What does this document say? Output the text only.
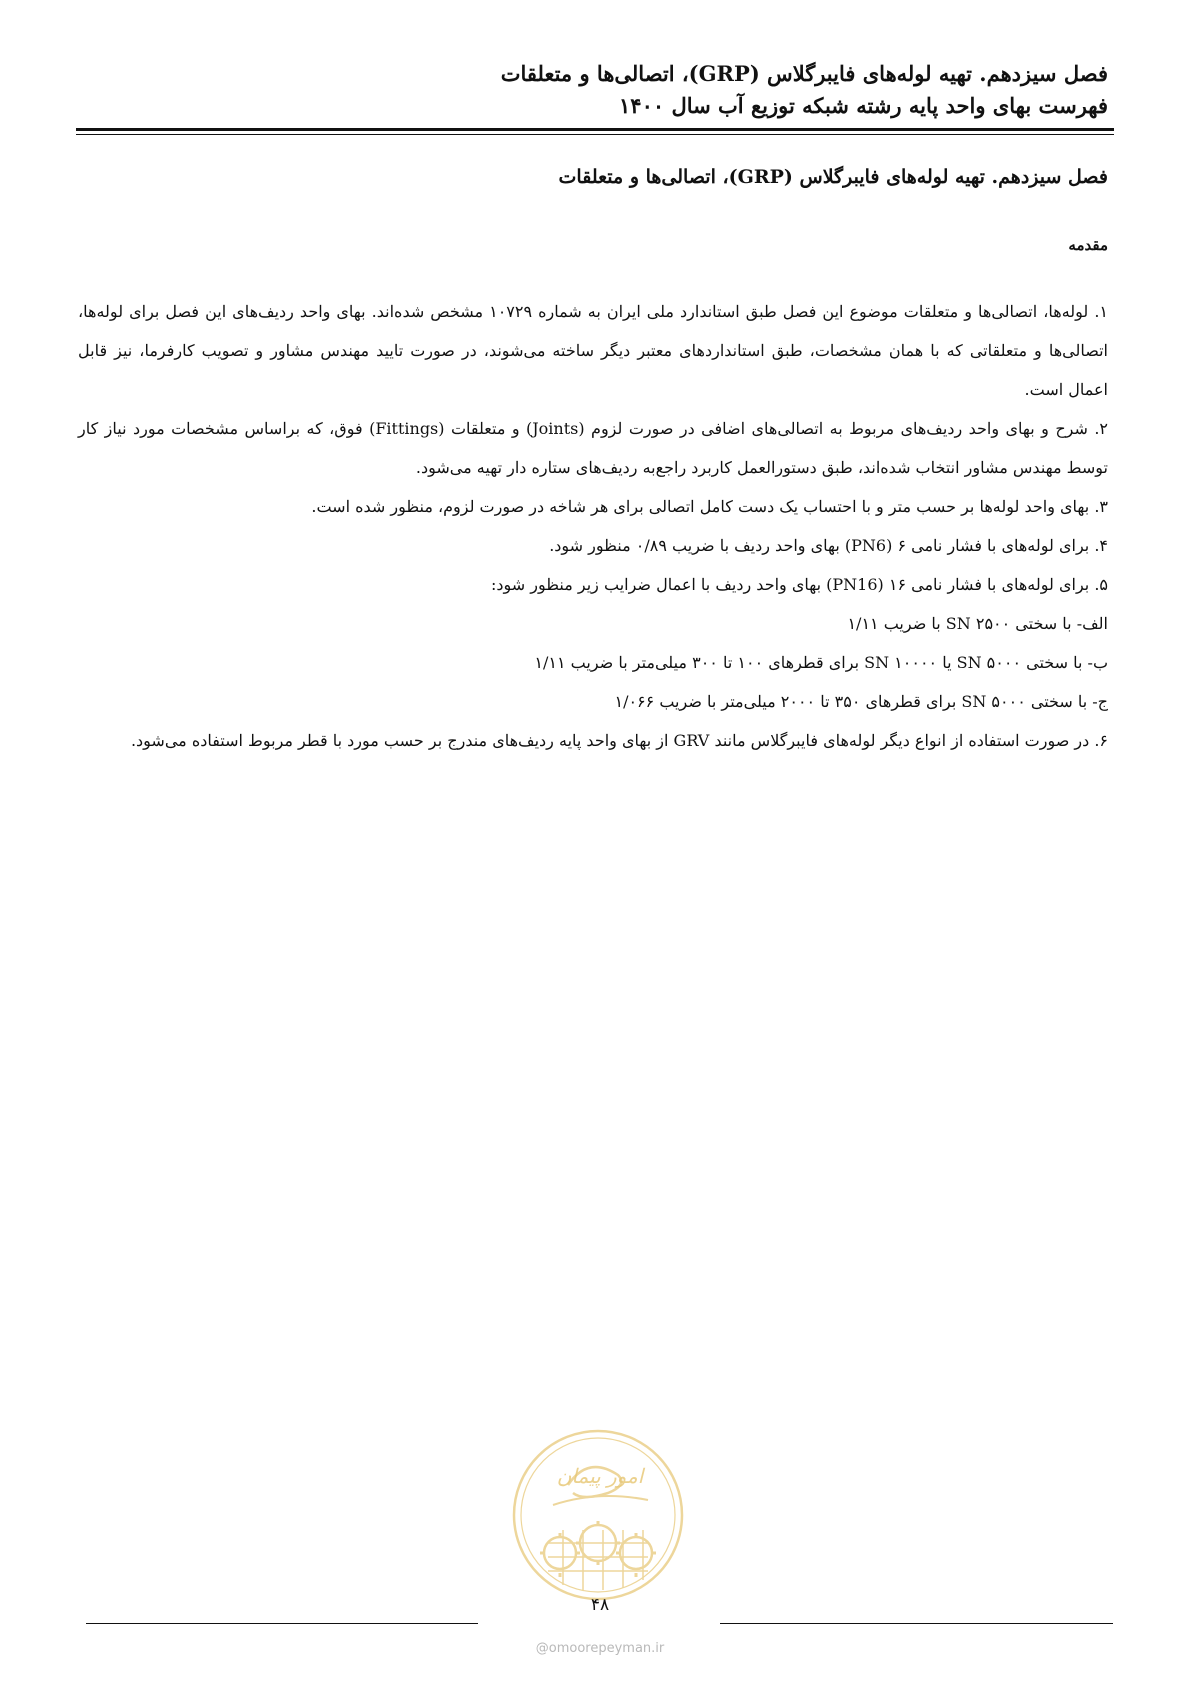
فصل سیزدهم. تهیه لوله‌های فایبرگلاس (GRP)، اتصالی‌ها و متعلقات
فهرست بهای واحد پایه رشته شبکه توزیع آب سال ۱۴۰۰
فصل سیزدهم. تهیه لوله‌های فایبرگلاس (GRP)، اتصالی‌ها و متعلقات
مقدمه

۱. لوله‌ها، اتصالی‌ها و متعلقات موضوع این فصل طبق استاندارد ملی ایران به شماره ۱۰۷۲۹ مشخص شده‌اند. بهای واحد ردیف‌های این فصل برای لوله‌ها، اتصالی‌ها و متعلقاتی که با همان مشخصات، طبق استانداردهای معتبر دیگر ساخته می‌شوند، در صورت تایید مهندس مشاور و تصویب کارفرما، نیز قابل اعمال است.

۲. شرح و بهای واحد ردیف‌های مربوط به اتصالی‌های اضافی در صورت لزوم (Joints) و متعلقات (Fittings) فوق، که براساس مشخصات مورد نیاز کار توسط مهندس مشاور انتخاب شده‌اند، طبق دستورالعمل کاربرد راجع‌به ردیف‌های ستاره دار تهیه می‌شود.

۳. بهای واحد لوله‌ها بر حسب متر و با احتساب یک دست کامل اتصالی برای هر شاخه در صورت لزوم، منظور شده است.

۴. برای لوله‌های با فشار نامی ۶ (PN6) بهای واحد ردیف با ضریب ۰/۸۹ منظور شود.

۵. برای لوله‌های با فشار نامی ۱۶ (PN16) بهای واحد ردیف با اعمال ضرایب زیر منظور شود:

الف- با سختی SN ۲۵۰۰ با ضریب ۱/۱۱

ب- با سختی SN ۵۰۰۰ یا SN ۱۰۰۰۰ برای قطرهای ۱۰۰ تا ۳۰۰ میلی‌متر با ضریب ۱/۱۱

ج- با سختی SN ۵۰۰۰ برای قطرهای ۳۵۰ تا ۲۰۰۰ میلی‌متر با ضریب ۱/۰۶۶

۶. در صورت استفاده از انواع دیگر لوله‌های فایبرگلاس مانند GRV از بهای واحد پایه ردیف‌های مندرج بر حسب مورد با قطر مربوط استفاده می‌شود.

امور پیمان
۴۸
@omoorepeyman.ir
